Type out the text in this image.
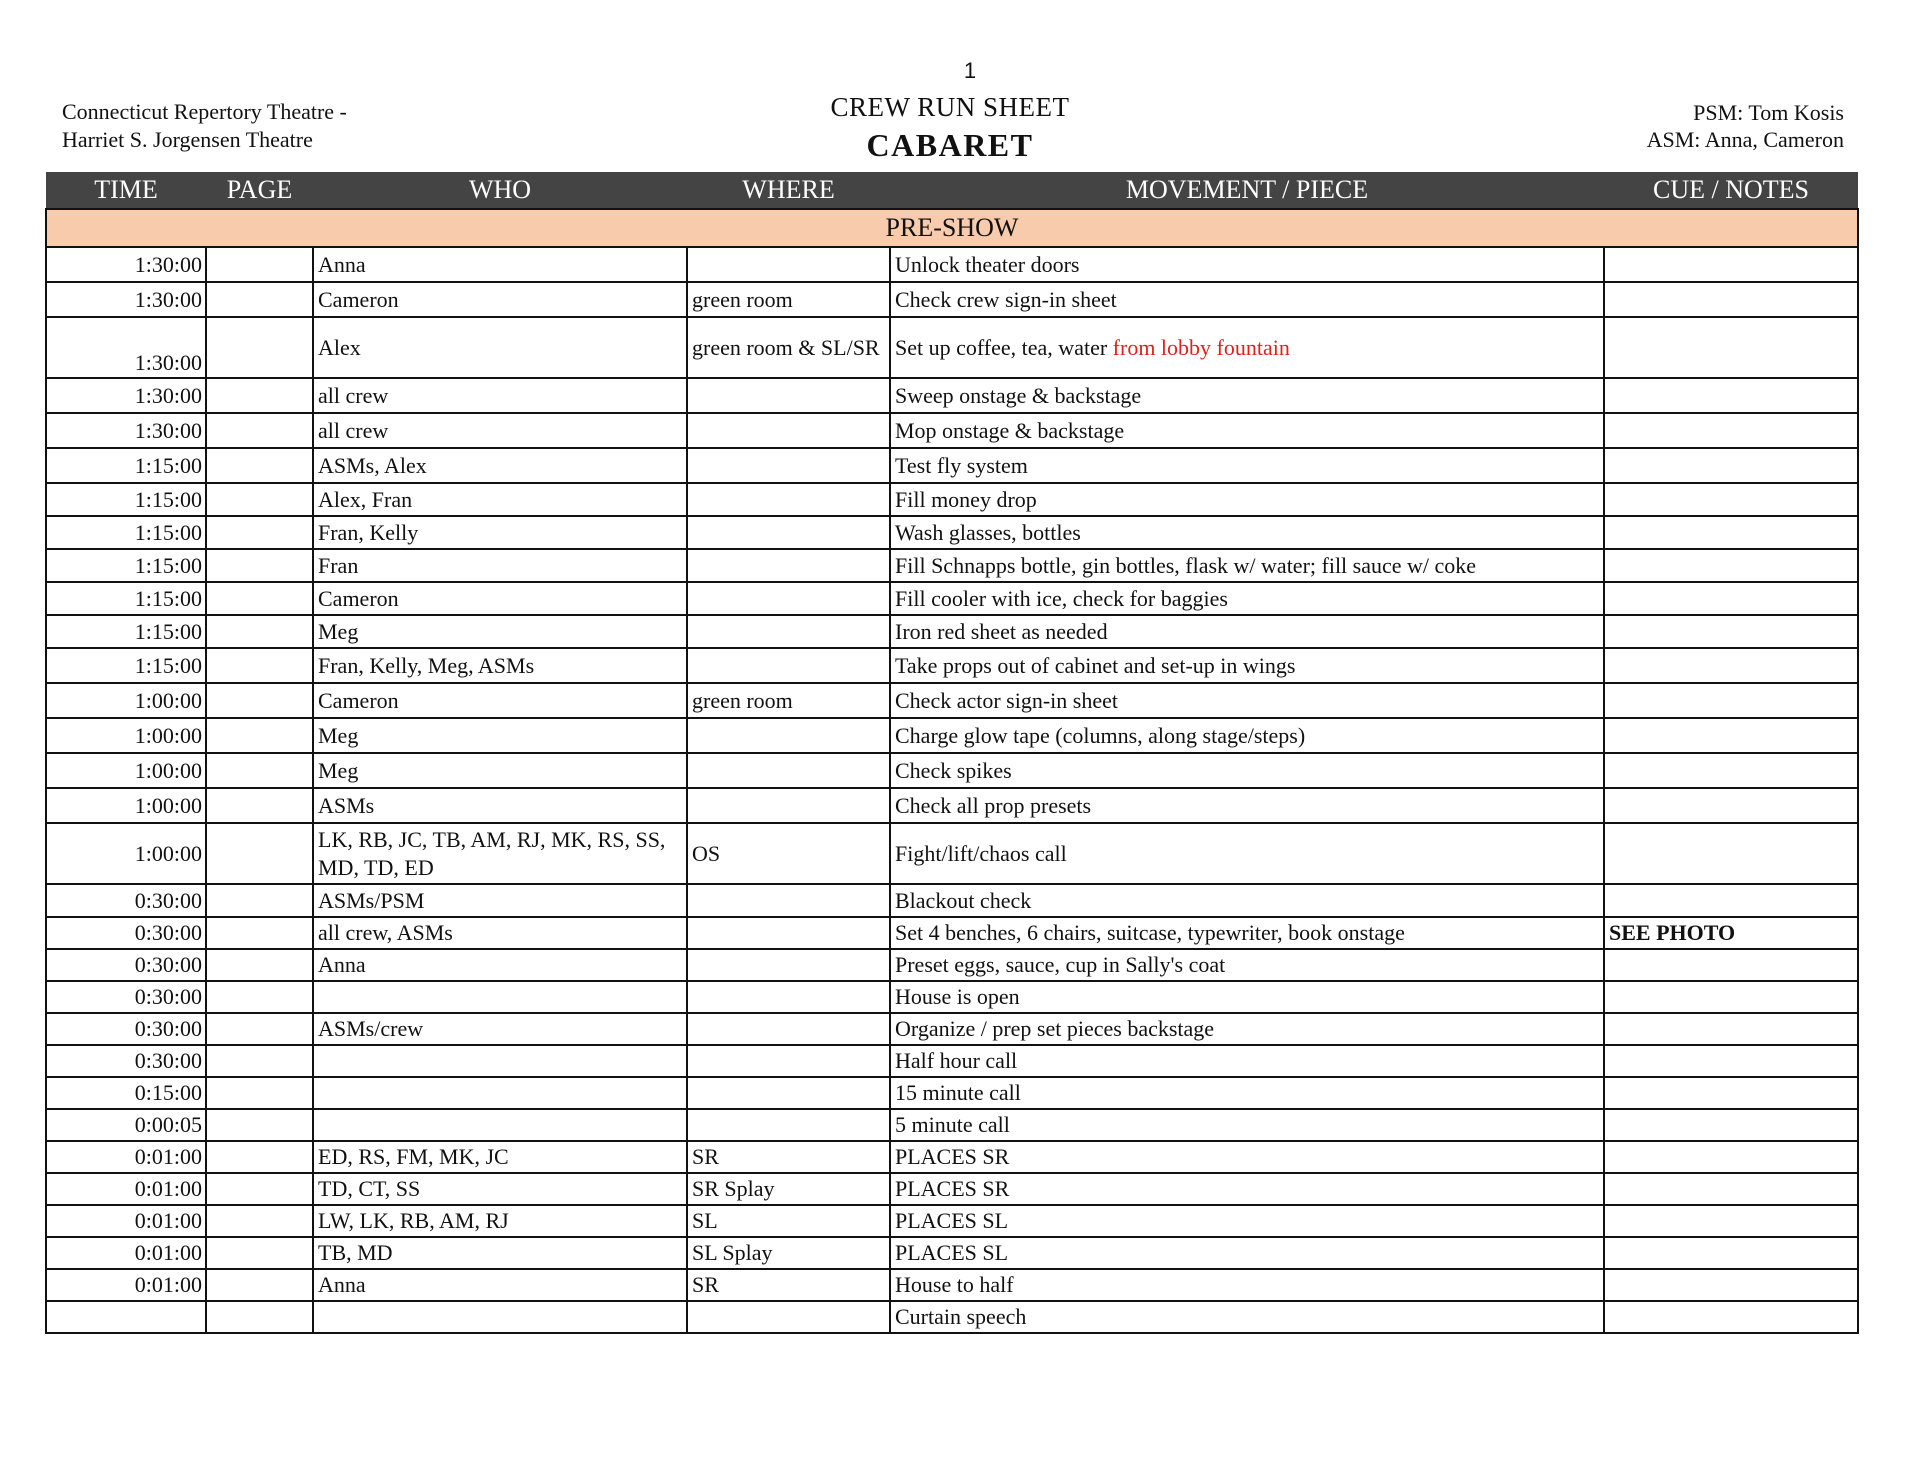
1
Connecticut Repertory Theatre -
Harriet S. Jorgensen Theatre
CREW RUN SHEET
CABARET
PSM: Tom Kosis
ASM: Anna, Cameron
TIME	PAGE	WHO	WHERE	MOVEMENT / PIECE	CUE / NOTES
PRE-SHOW					
1:30:00		Anna		Unlock theater doors	
1:30:00		Cameron	green room	Check crew sign-in sheet	
1:30:00		Alex	green room & SL/SR	Set up coffee, tea, water from lobby fountain	
1:30:00		all crew		Sweep onstage & backstage	
1:30:00		all crew		Mop onstage & backstage	
1:15:00		ASMs, Alex		Test fly system	
1:15:00		Alex, Fran		Fill money drop	
1:15:00		Fran, Kelly		Wash glasses, bottles	
1:15:00		Fran		Fill Schnapps bottle, gin bottles, flask w/ water; fill sauce w/ coke	
1:15:00		Cameron		Fill cooler with ice, check for baggies	
1:15:00		Meg		Iron red sheet as needed	
1:15:00		Fran, Kelly, Meg, ASMs		Take props out of cabinet and set-up in wings	
1:00:00		Cameron	green room	Check actor sign-in sheet	
1:00:00		Meg		Charge glow tape (columns, along stage/steps)	
1:00:00		Meg		Check spikes	
1:00:00		ASMs		Check all prop presets	
1:00:00		LK, RB, JC, TB, AM, RJ, MK, RS, SS, MD, TD, ED	OS	Fight/lift/chaos call	
0:30:00		ASMs/PSM		Blackout check	
0:30:00		all crew, ASMs		Set 4 benches, 6 chairs, suitcase, typewriter, book onstage	SEE PHOTO
0:30:00		Anna		Preset eggs, sauce, cup in Sally's coat	
0:30:00				House is open	
0:30:00		ASMs/crew		Organize / prep set pieces backstage	
0:30:00				Half hour call	
0:15:00				15 minute call	
0:00:05				5 minute call	
0:01:00		ED, RS, FM, MK, JC	SR	PLACES SR	
0:01:00		TD, CT, SS	SR Splay	PLACES SR	
0:01:00		LW, LK, RB, AM, RJ	SL	PLACES SL	
0:01:00		TB, MD	SL Splay	PLACES SL	
0:01:00		Anna	SR	House to half	
				Curtain speech	
